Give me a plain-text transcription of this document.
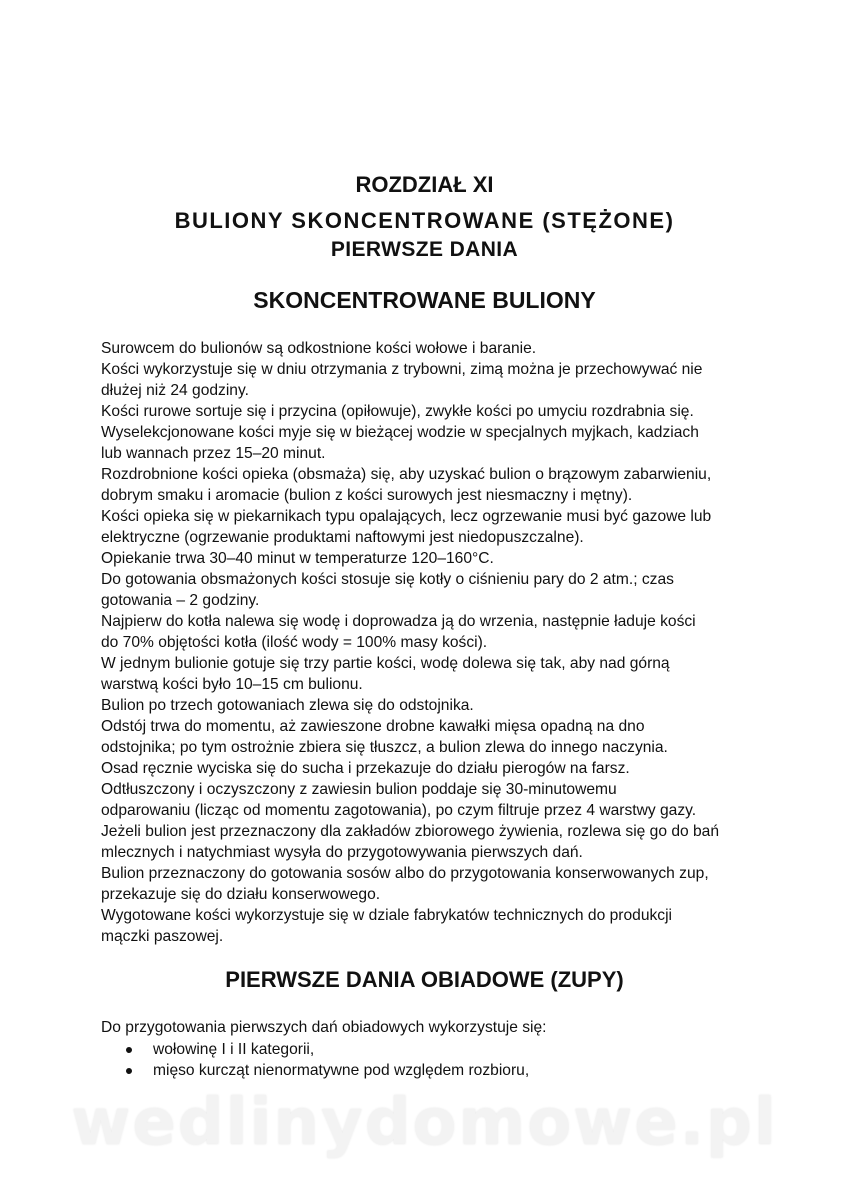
ROZDZIAŁ XI
BULIONY SKONCENTROWANE (STĘŻONE)
PIERWSZE DANIA
SKONCENTROWANE BULIONY
Surowcem do bulionów są odkostnione kości wołowe i baranie.
Kości wykorzystuje się w dniu otrzymania z trybowni, zimą można je przechowywać nie
dłużej niż 24 godziny.
Kości rurowe sortuje się i przycina (opiłowuje), zwykłe kości po umyciu rozdrabnia się.
Wyselekcjonowane kości myje się w bieżącej wodzie w specjalnych myjkach, kadziach
lub wannach przez 15–20 minut.
Rozdrobnione kości opieka (obsmaża) się, aby uzyskać bulion o brązowym zabarwieniu,
dobrym smaku i aromacie (bulion z kości surowych jest niesmaczny i mętny).
Kości opieka się w piekarnikach typu opalających, lecz ogrzewanie musi być gazowe lub
elektryczne (ogrzewanie produktami naftowymi jest niedopuszczalne).
Opiekanie trwa 30–40 minut w temperaturze 120–160°C.
Do gotowania obsmażonych kości stosuje się kotły o ciśnieniu pary do 2 atm.; czas
gotowania – 2 godziny.
Najpierw do kotła nalewa się wodę i doprowadza ją do wrzenia, następnie ładuje kości
do 70% objętości kotła (ilość wody = 100% masy kości).
W jednym bulionie gotuje się trzy partie kości, wodę dolewa się tak, aby nad górną
warstwą kości było 10–15 cm bulionu.
Bulion po trzech gotowaniach zlewa się do odstojnika.
Odstój trwa do momentu, aż zawieszone drobne kawałki mięsa opadną na dno
odstojnika; po tym ostrożnie zbiera się tłuszcz, a bulion zlewa do innego naczynia.
Osad ręcznie wyciska się do sucha i przekazuje do działu pierogów na farsz.
Odtłuszczony i oczyszczony z zawiesin bulion poddaje się 30-minutowemu
odparowaniu (licząc od momentu zagotowania), po czym filtruje przez 4 warstwy gazy.
Jeżeli bulion jest przeznaczony dla zakładów zbiorowego żywienia, rozlewa się go do bań
mlecznych i natychmiast wysyła do przygotowywania pierwszych dań.
Bulion przeznaczony do gotowania sosów albo do przygotowania konserwowanych zup,
przekazuje się do działu konserwowego.
Wygotowane kości wykorzystuje się w dziale fabrykatów technicznych do produkcji
mączki paszowej.
PIERWSZE DANIA OBIADOWE (ZUPY)
Do przygotowania pierwszych dań obiadowych wykorzystuje się:
wołowinę I i II kategorii,
mięso kurcząt nienormatywne pod względem rozbioru,
wedlinydomowe.pl
